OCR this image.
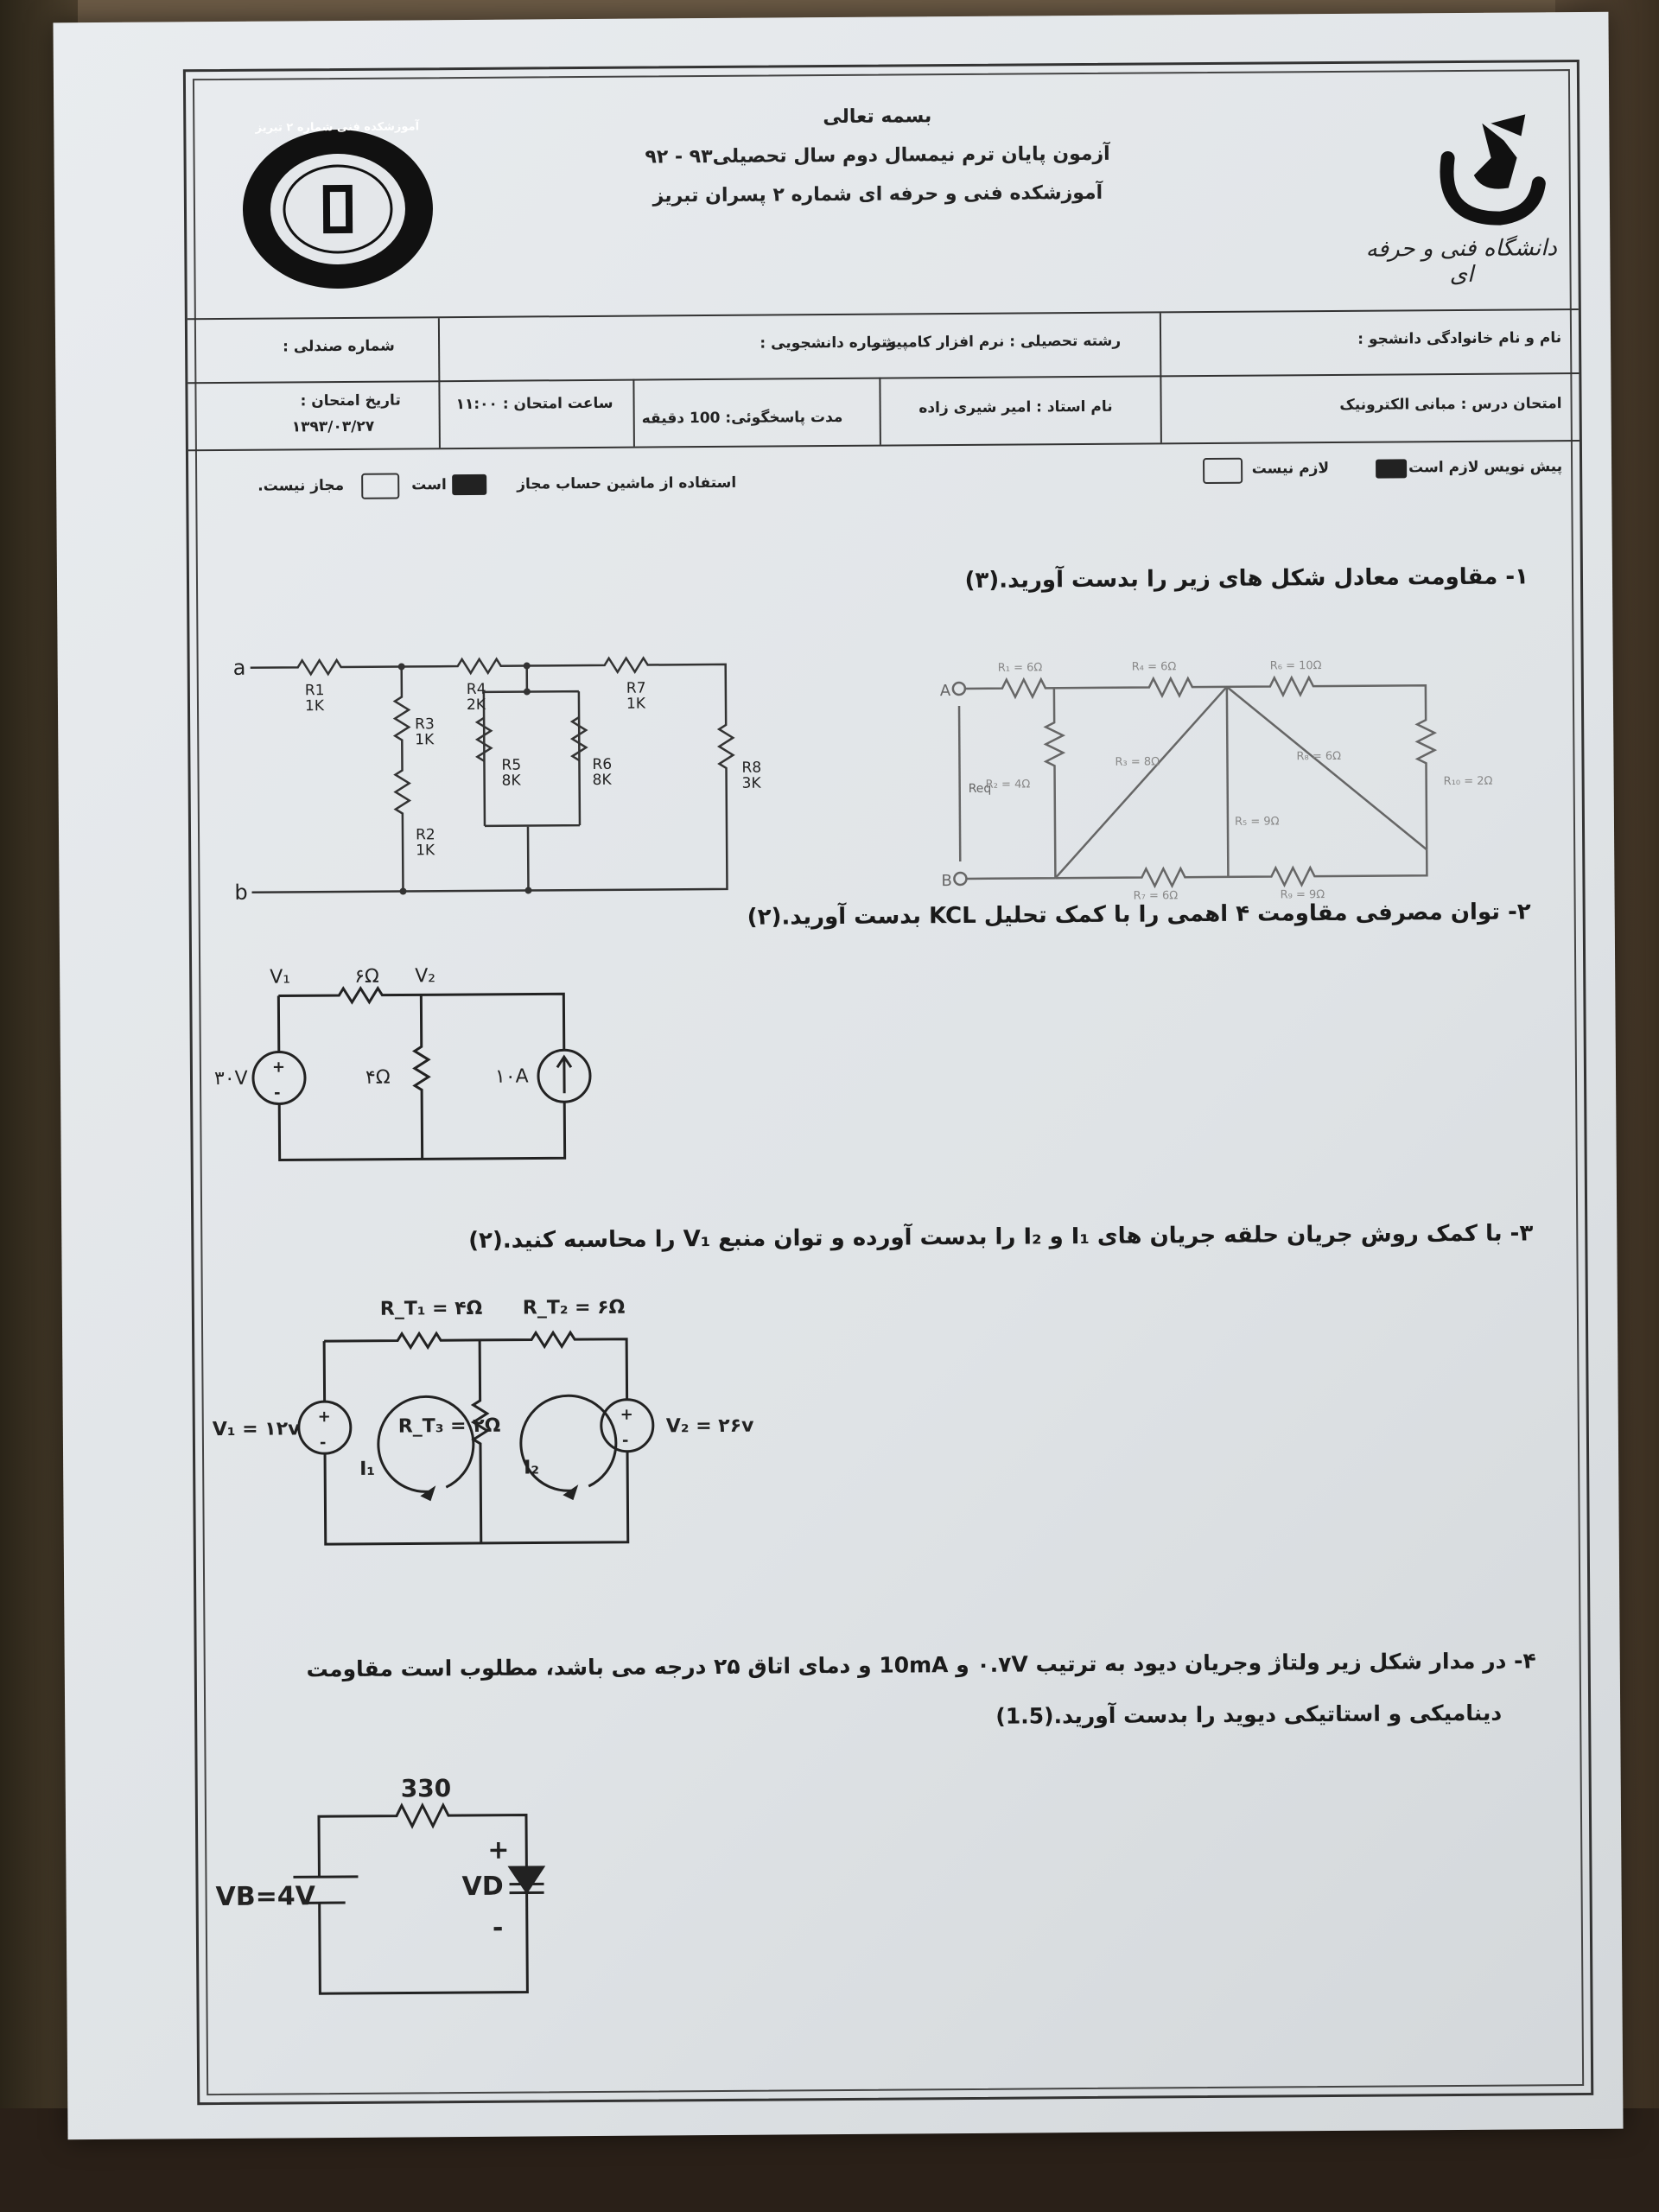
بسمه تعالی
آزمون پایان ترم نیمسال دوم سال تحصیلی۹۳ - ۹۲
آموزشکده فنی و حرفه ای شماره ۲ پسران تبریز
آموزشکده فنی شماره ۲ تبریز
دانشگاه فنی و حرفه ای
نام و نام خانوادگی دانشجو :
رشته تحصیلی : نرم افزار کامپیوتر
شماره دانشجویی :
شماره صندلی :
امتحان درس : مبانی الکترونیک
نام استاد : امیر شیری زاده
مدت پاسخگوئی: 100 دقیقه
ساعت امتحان : ۱۱:۰۰
تاریخ امتحان :
۱۳۹۳/۰۳/۲۷
پیش نویس لازم است
لازم نیست
استفاده از ماشین حساب مجاز
است
مجاز نیست.
۱- مقاومت معادل شکل های زیر را بدست آورید.(۳)
۲- توان مصرفی مقاومت ۴ اهمی را با کمک تحلیل KCL بدست آورید.(۲)
۳- با کمک روش جریان حلقه جریان های I₁ و I₂ را بدست آورده و توان منبع V₁ را محاسبه کنید.(۲)
۴- در مدار شکل زیر ولتاژ وجریان دیود به ترتیب ۰.۷V و 10mA و دمای اتاق ۲۵ درجه می باشد، مطلوب است مقاومت
دینامیکی و استاتیکی دیوید را بدست آورید.(1.5)
a
b
R1
1K
R3
1K
R2
1K
R4
2K
R5
8K
R6
8K
R7
1K
R8
3K
R₁ = 6Ω	R₄ = 6Ω	R₆ = 10Ω
R₂ = 4Ω
R₃ = 8Ω
R₅ = 9Ω
R₈ = 6Ω
R₁₀ = 2Ω
R₇ = 6Ω	R₉ = 9Ω
A
B
Req
+
-
V₁	۶Ω V₂
۴Ω
۳۰V	۱۰A
+
-
+
-
R_T₁ = ۴Ω R_T₂ = ۶Ω
R_T₃ = ۲Ω
V₁ = ۱۲v	V₂ = ۲۶v
I₁	I₂
330
VB=4V	VD
+
-
